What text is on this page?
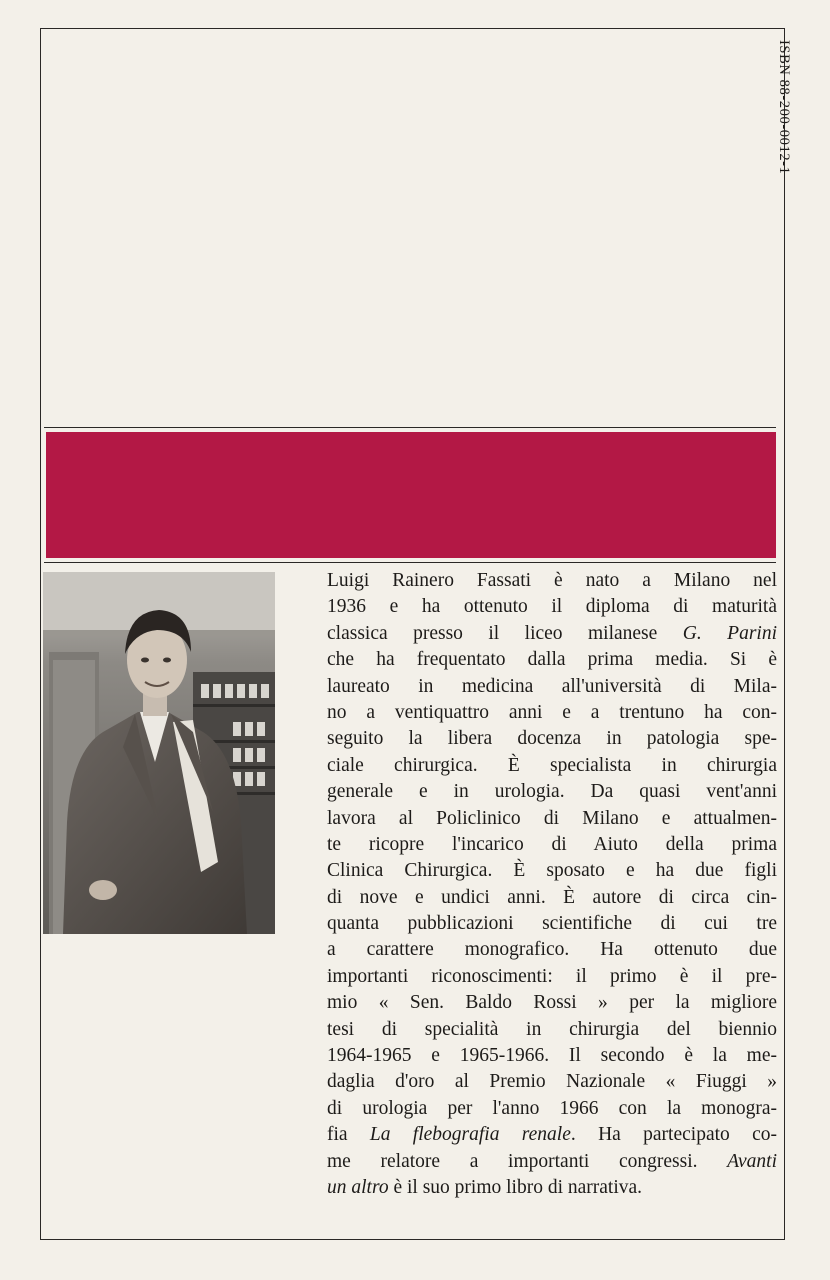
ISBN 88-200-0012-1
Luigi Rainero Fassati è nato a Milano nel
1936 e ha ottenuto il diploma di maturità
classica presso il liceo milanese G. Parini
che ha frequentato dalla prima media. Si è
laureato in medicina all'università di Mila-
no a ventiquattro anni e a trentuno ha con-
seguito la libera docenza in patologia spe-
ciale chirurgica. È specialista in chirurgia
generale e in urologia. Da quasi vent'anni
lavora al Policlinico di Milano e attualmen-
te ricopre l'incarico di Aiuto della prima
Clinica Chirurgica. È sposato e ha due figli
di nove e undici anni. È autore di circa cin-
quanta pubblicazioni scientifiche di cui tre
a carattere monografico. Ha ottenuto due
importanti riconoscimenti: il primo è il pre-
mio « Sen. Baldo Rossi » per la migliore
tesi di specialità in chirurgia del biennio
1964-1965 e 1965-1966. Il secondo è la me-
daglia d'oro al Premio Nazionale « Fiuggi »
di urologia per l'anno 1966 con la monogra-
fia La flebografia renale. Ha partecipato co-
me relatore a importanti congressi. Avanti
un altro è il suo primo libro di narrativa.
